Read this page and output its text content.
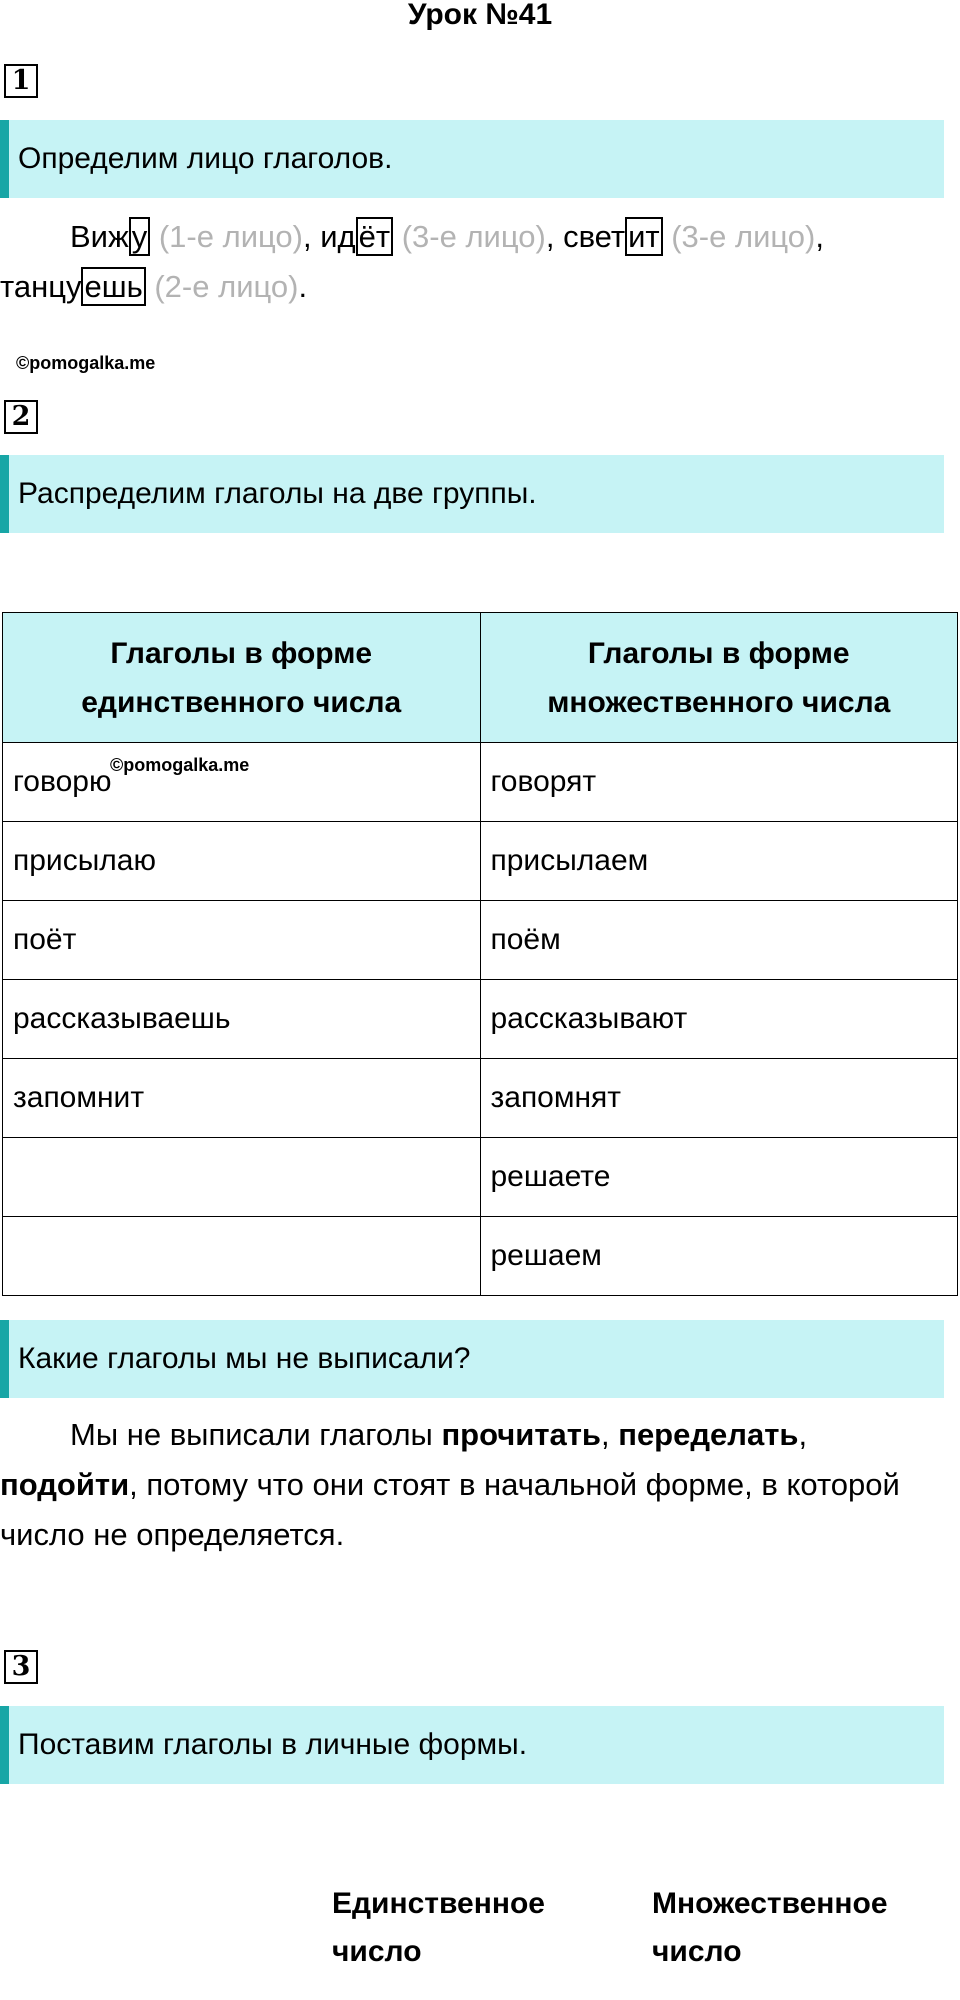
Урок №41
1
Определим лицо глаголов.
Вижу (1-е лицо), идёт (3-е лицо), светит (3-е лицо),
танцуешь (2-е лицо).
©pomogalka.me
2
Распределим глаголы на две группы.
Глаголы в форме единственного числа	Глаголы в форме множественного числа
говорю	говорят
присылаю	присылаем
поёт	поём
рассказываешь	рассказывают
запомнит	запомнят
	решаете
	решаем
©pomogalka.me
Какие глаголы мы не выписали?
Мы не выписали глаголы прочитать, переделать, подойти, потому что они стоят в начальной форме, в которой число не определяется.
3
Поставим глаголы в личные формы.
Единственное число
Множественное число
